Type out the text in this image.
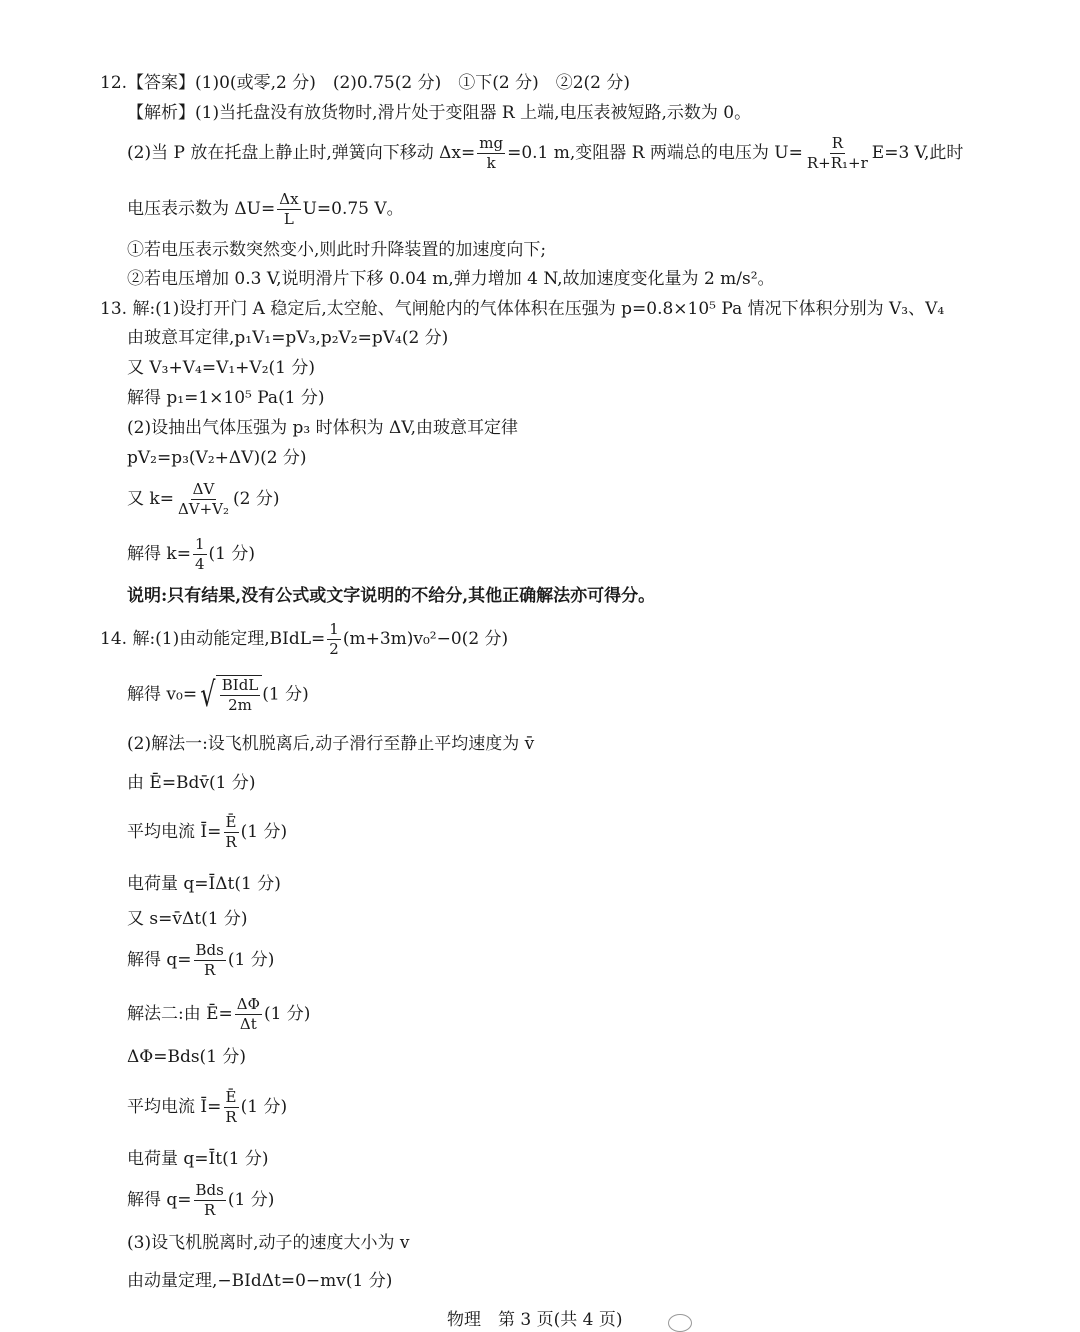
12.【答案】(1)0(或零,2 分)　(2)0.75(2 分)　①下(2 分)　②2(2 分)
【解析】(1)当托盘没有放货物时,滑片处于变阻器 R 上端,电压表被短路,示数为 0。
(2)当 P 放在托盘上静止时,弹簧向下移动 $\Delta x= \frac{mg}{k} =0.1$ m,变阻器 R 两端总的电压为 $U= \frac{R}{\text{R+R₁+r}} E=3$ V,此时
电压表示数为 $\Delta U= \frac{\Delta x}{L} U=0.75$ V。
①若电压表示数突然变小,则此时升降装置的加速度向下;
②若电压增加 0.3 V,说明滑片下移 0.04 m,弹力增加 4 N,故加速度变化量为 2 m/s²。
13. 解:(1)设打开门 A 稳定后,太空舱、气闸舱内的气体体积在压强为 p=0.8×10⁵ Pa 情况下体积分别为 V₃、V₄
由玻意耳定律,p₁V₁=pV₃,p₂V₂=pV₄(2 分)
又 V₃+V₄=V₁+V₂(1 分)
解得 p₁=1×10⁵ Pa(1 分)
(2)设抽出气体压强为 p₃ 时体积为 ΔV,由玻意耳定律
pV₂=p₃(V₂+ΔV)(2 分)
又 $k= \frac{\Delta V}{\text{ΔV+V₂}} (2$ 分)
解得 $k= \frac{1}{4} (1$ 分)
说明:只有结果,没有公式或文字说明的不给分,其他正确解法亦可得分。
14. 解:(1)由动能定理,BIdL= $\frac{1}{2} (m+3m)v_0^2-0(2$ 分)
解得 v₀= √ $\frac{\text{BIdL}}{2m} (1$ 分)
(2)解法一:设飞机脱离后,动子滑行至静止平均速度为 v̄
由 Ē=Bdv̄(1 分)
平均电流 Ī= $\frac{Ē}{R} (1$ 分)
电荷量 q=ĪΔt(1 分)
又 s=v̄Δt(1 分)
解得 $q= \frac{\text{Bds}}{R} (1$ 分)
解法二:由 Ē= $\frac{\Delta\Phi}{\Delta t} (1$ 分)
ΔΦ=Bds(1 分)
平均电流 Ī= $\frac{Ē}{R} (1$ 分)
电荷量 q=Īt(1 分)
解得 $q= \frac{\text{Bds}}{R} (1$ 分)
(3)设飞机脱离时,动子的速度大小为 v
由动量定理,−BIdΔt=0−mv(1 分)
物理　第 3 页(共 4 页)
